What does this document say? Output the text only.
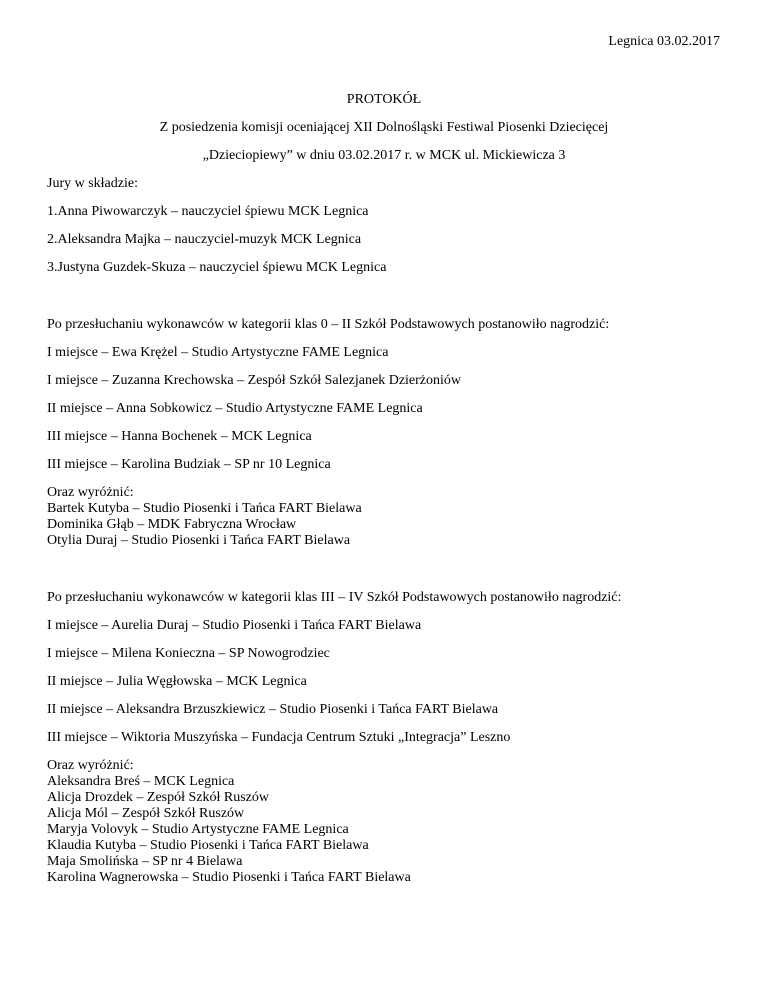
Legnica 03.02.2017
PROTOKÓŁ
Z posiedzenia komisji oceniającej XII Dolnośląski Festiwal Piosenki Dziecięcej
„Dzieciopiewy” w dniu 03.02.2017 r. w MCK ul. Mickiewicza 3
Jury w składzie:
1.Anna Piwowarczyk – nauczyciel śpiewu MCK Legnica
2.Aleksandra Majka – nauczyciel-muzyk MCK Legnica
3.Justyna Guzdek-Skuza – nauczyciel śpiewu MCK Legnica
Po przesłuchaniu wykonawców w kategorii klas 0 – II Szkół Podstawowych postanowiło nagrodzić:
I miejsce – Ewa Krężel – Studio Artystyczne FAME Legnica
I miejsce – Zuzanna Krechowska – Zespół Szkół Salezjanek Dzierżoniów
II miejsce – Anna Sobkowicz – Studio Artystyczne FAME Legnica
III miejsce – Hanna Bochenek – MCK Legnica
III miejsce – Karolina Budziak – SP nr 10 Legnica
Oraz wyróżnić:
Bartek Kutyba – Studio Piosenki i Tańca FART Bielawa
Dominika Głąb – MDK Fabryczna Wrocław
Otylia Duraj – Studio Piosenki i Tańca FART Bielawa
Po przesłuchaniu wykonawców w kategorii klas III – IV Szkół Podstawowych postanowiło nagrodzić:
I miejsce – Aurelia Duraj – Studio Piosenki i Tańca FART Bielawa
I miejsce – Milena Konieczna – SP Nowogrodziec
II miejsce – Julia Węgłowska – MCK Legnica
II miejsce – Aleksandra Brzuszkiewicz – Studio Piosenki i Tańca FART Bielawa
III miejsce – Wiktoria Muszyńska – Fundacja Centrum Sztuki „Integracja” Leszno
Oraz wyróżnić:
Aleksandra Breś – MCK Legnica
Alicja Drozdek – Zespół Szkół Ruszów
Alicja Mól – Zespół Szkół Ruszów
Maryja Volovyk – Studio Artystyczne FAME Legnica
Klaudia Kutyba – Studio Piosenki i Tańca FART Bielawa
Maja Smolińska – SP nr 4 Bielawa
Karolina Wagnerowska – Studio Piosenki i Tańca FART Bielawa
